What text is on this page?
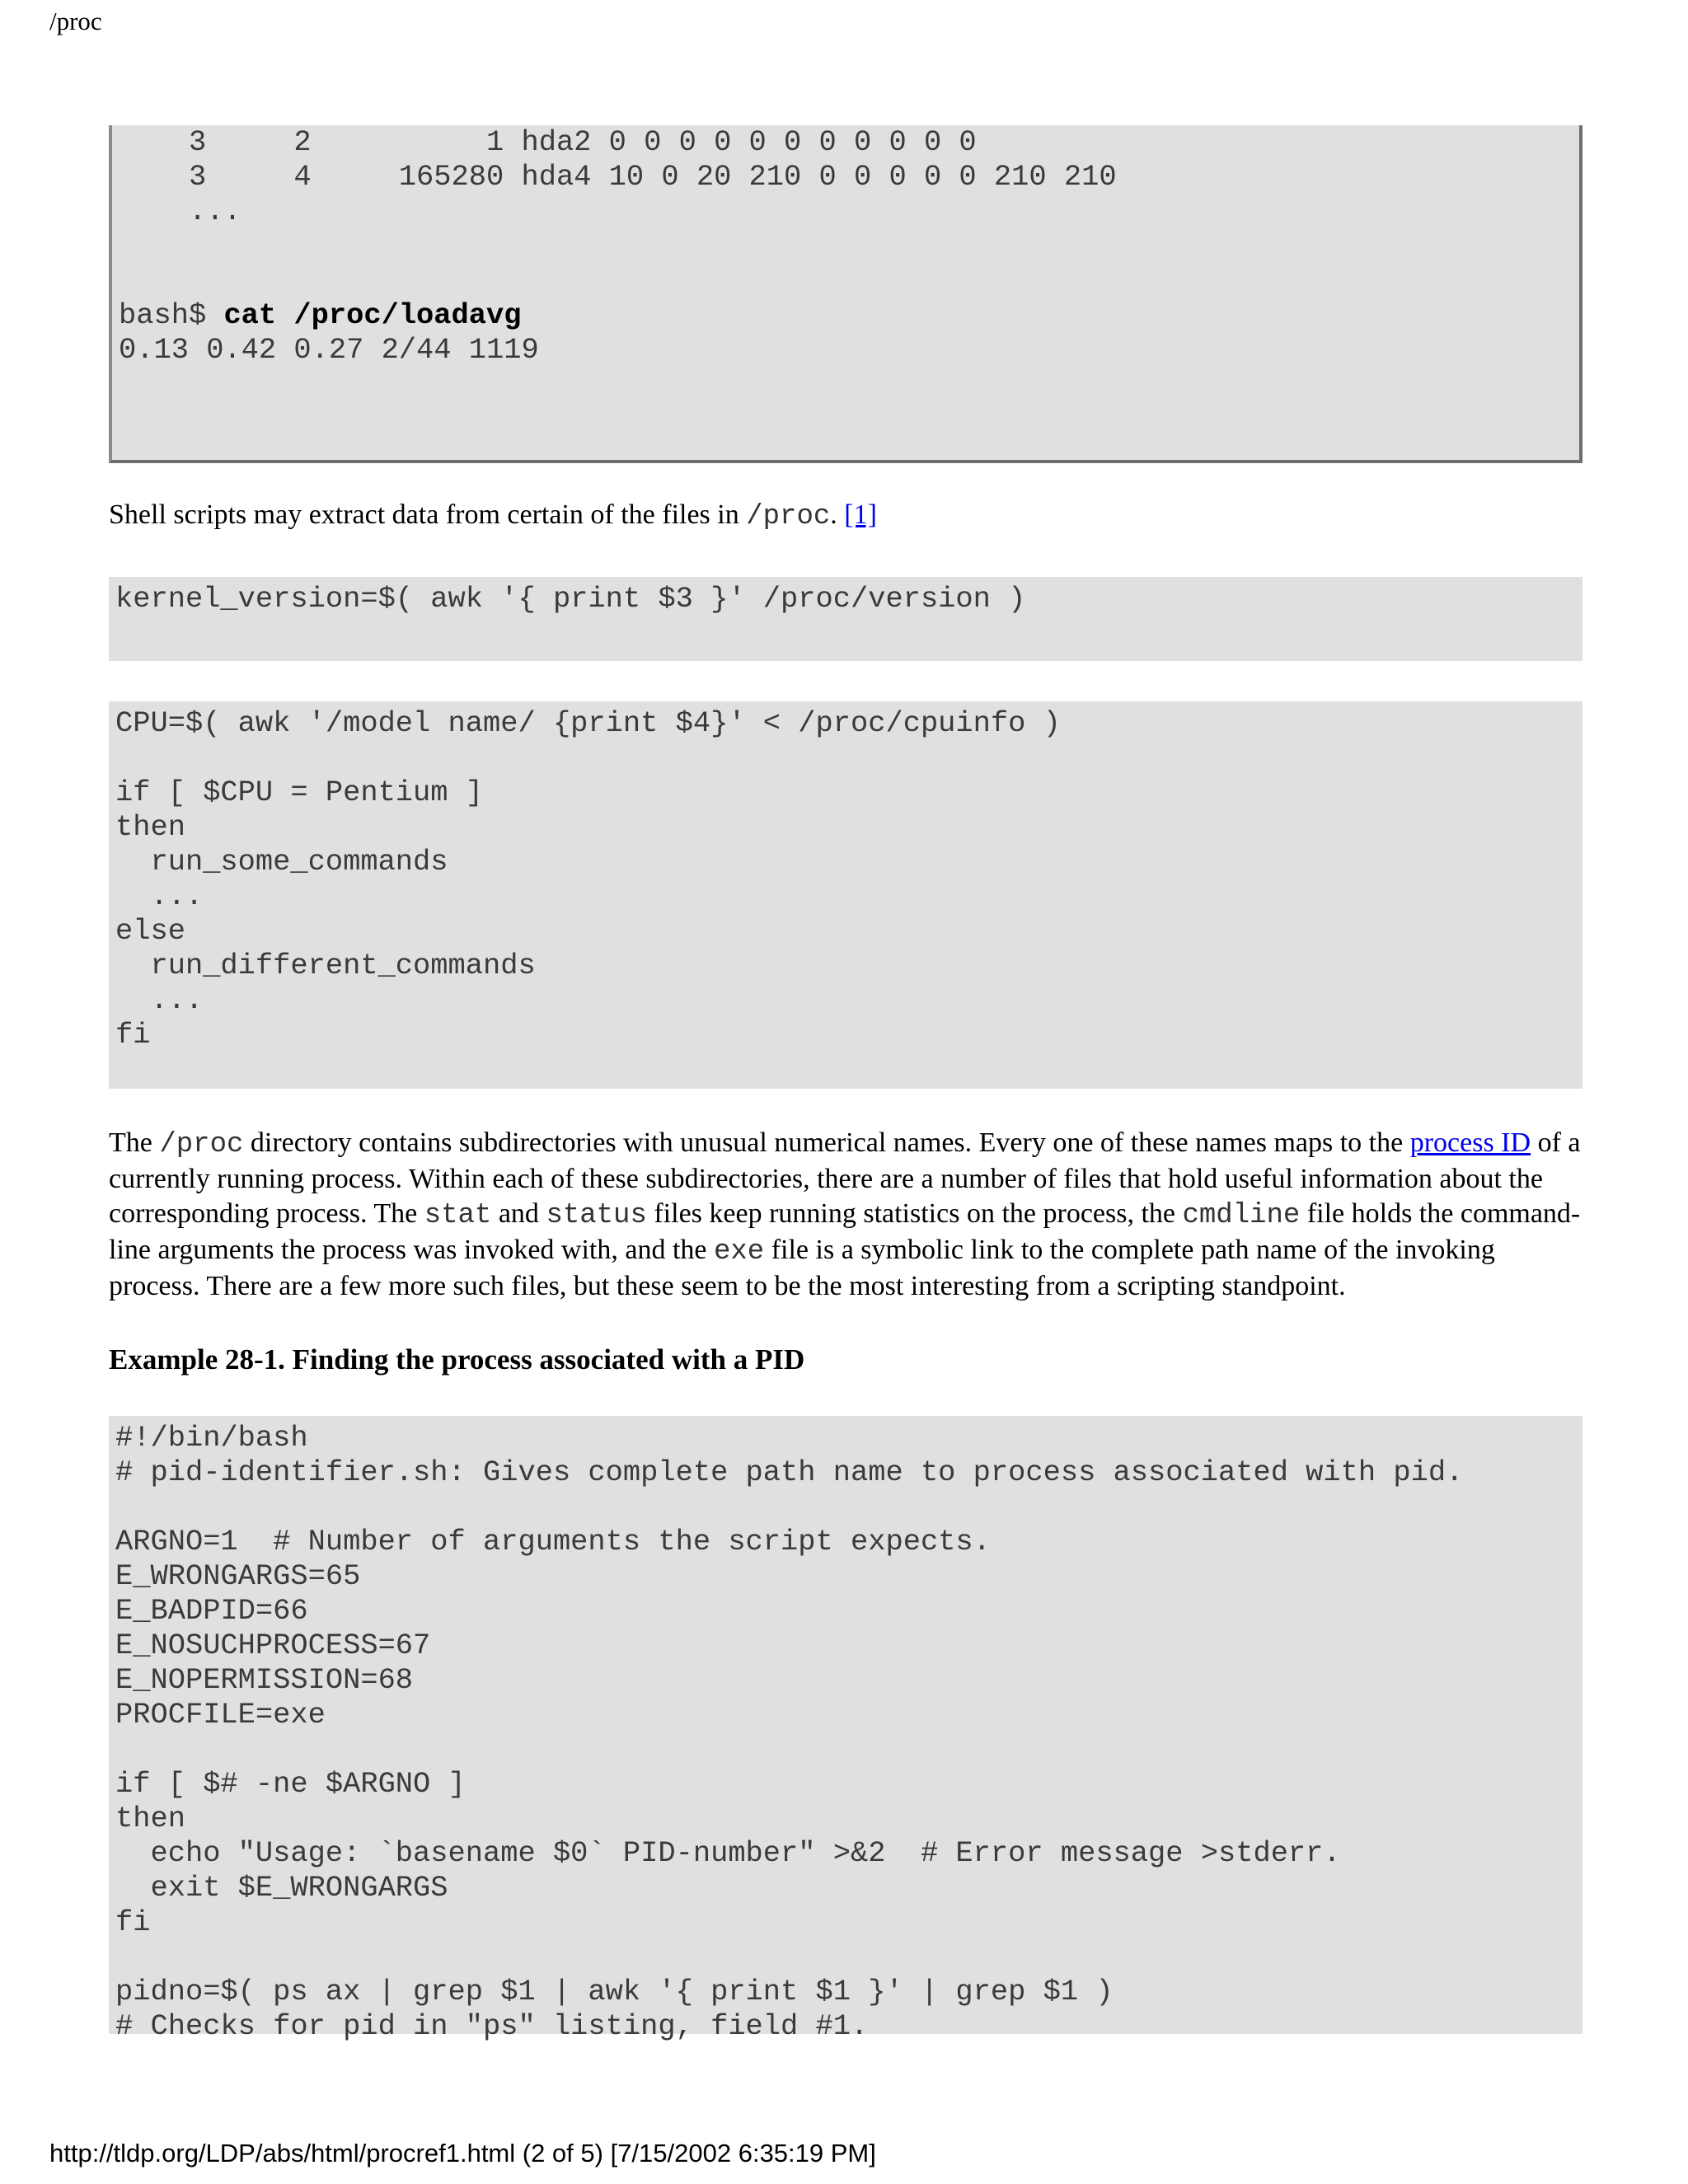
/proc
3     2          1 hda2 0 0 0 0 0 0 0 0 0 0 0
3     4     165280 hda4 10 0 20 210 0 0 0 0 0 210 210
...

bash$ cat /proc/loadavg
0.13 0.42 0.27 2/44 1119
Shell scripts may extract data from certain of the files in /proc. [1]
kernel_version=$( awk '{ print $3 }' /proc/version )
CPU=$( awk '/model name/ {print $4}' < /proc/cpuinfo )

if [ $CPU = Pentium ]
then
run_some_commands
...
else
run_different_commands
...
fi
The /proc directory contains subdirectories with unusual numerical names. Every one of these names maps to the process ID of a currently running process. Within each of these subdirectories, there are a number of files that hold useful information about the corresponding process. The stat and status files keep running statistics on the process, the cmdline file holds the command-line arguments the process was invoked with, and the exe file is a symbolic link to the complete path name of the invoking process. There are a few more such files, but these seem to be the most interesting from a scripting standpoint.
Example 28-1. Finding the process associated with a PID
#!/bin/bash
# pid-identifier.sh: Gives complete path name to process associated with pid.

ARGNO=1  # Number of arguments the script expects.
E_WRONGARGS=65
E_BADPID=66
E_NOSUCHPROCESS=67
E_NOPERMISSION=68
PROCFILE=exe

if [ $# -ne $ARGNO ]
then
echo "Usage: `basename $0` PID-number" >&2  # Error message >stderr.
exit $E_WRONGARGS
fi

pidno=$( ps ax | grep $1 | awk '{ print $1 }' | grep $1 )
# Checks for pid in "ps" listing, field #1.
http://tldp.org/LDP/abs/html/procref1.html (2 of 5) [7/15/2002 6:35:19 PM]
